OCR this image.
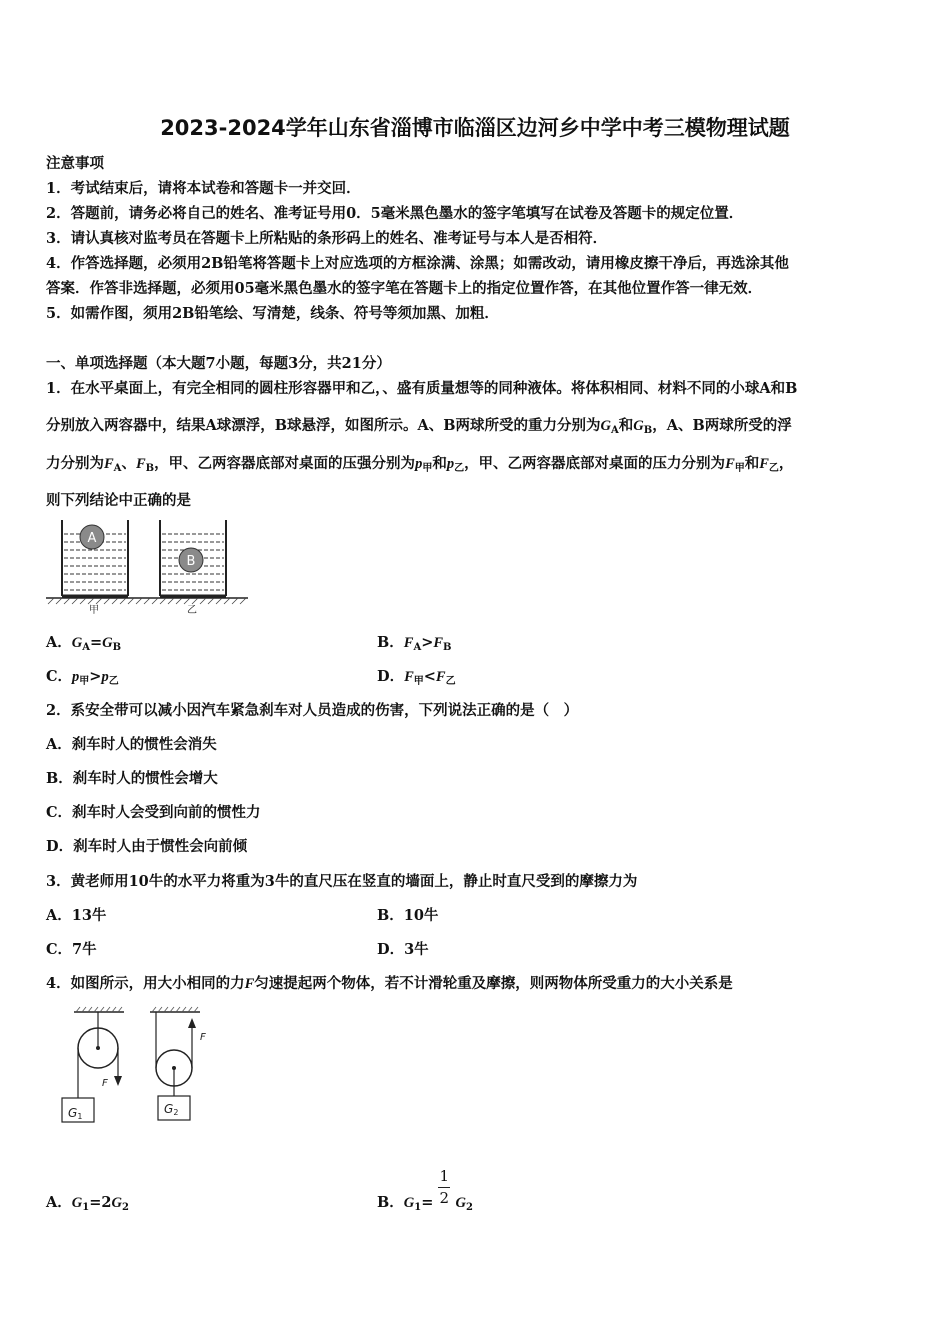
2023-2024学年山东省淄博市临淄区边河乡中学中考三模物理试题
注意事项
1．考试结束后，请将本试卷和答题卡一并交回．
2．答题前，请务必将自己的姓名、准考证号用0．5毫米黑色墨水的签字笔填写在试卷及答题卡的规定位置．
3．请认真核对监考员在答题卡上所粘贴的条形码上的姓名、准考证号与本人是否相符．
4．作答选择题，必须用2B铅笔将答题卡上对应选项的方框涂满、涂黑；如需改动，请用橡皮擦干净后，再选涂其他
答案．作答非选择题，必须用05毫米黑色墨水的签字笔在答题卡上的指定位置作答，在其他位置作答一律无效．
5．如需作图，须用2B铅笔绘、写清楚，线条、符号等须加黑、加粗．
一、单项选择题（本大题7小题，每题3分，共21分）
1．在水平桌面上，有完全相同的圆柱形容器甲和乙，、盛有质量想等的同种液体。将体积相同、材料不同的小球A和B
分别放入两容器中，结果A球漂浮，B球悬浮，如图所示。A、B两球所受的重力分别为$G_A$和$G_B$，A、B两球所受的浮
力分别为$F_A$、$F_B$，甲、乙两容器底部对桌面的压强分别为$p_甲$和$p_乙$，甲、乙两容器底部对桌面的压力分别为$F_甲$和$F_乙$，
则下列结论中正确的是
A
B
甲	乙
A．$G_A=G_B$	B．$F_A>F_B$
C．$p_甲>p_乙$	D．$F_甲<F_乙$
2．系安全带可以减小因汽车紧急刹车对人员造成的伤害，下列说法正确的是（　）
A．刹车时人的惯性会消失
B．刹车时人的惯性会增大
C．刹车时人会受到向前的惯性力
D．刹车时人由于惯性会向前倾
3．黄老师用10牛的水平力将重为3牛的直尺压在竖直的墙面上，静止时直尺受到的摩擦力为
A．13牛	B．10牛
C．7牛	D．3牛
4．如图所示，用大小相同的力F匀速提起两个物体，若不计滑轮重及摩擦，则两物体所受重力的大小关系是
F
G1
F
G2
A．$G_1=2G_2$	B．$G_1= \frac{1}{2} G_2$
